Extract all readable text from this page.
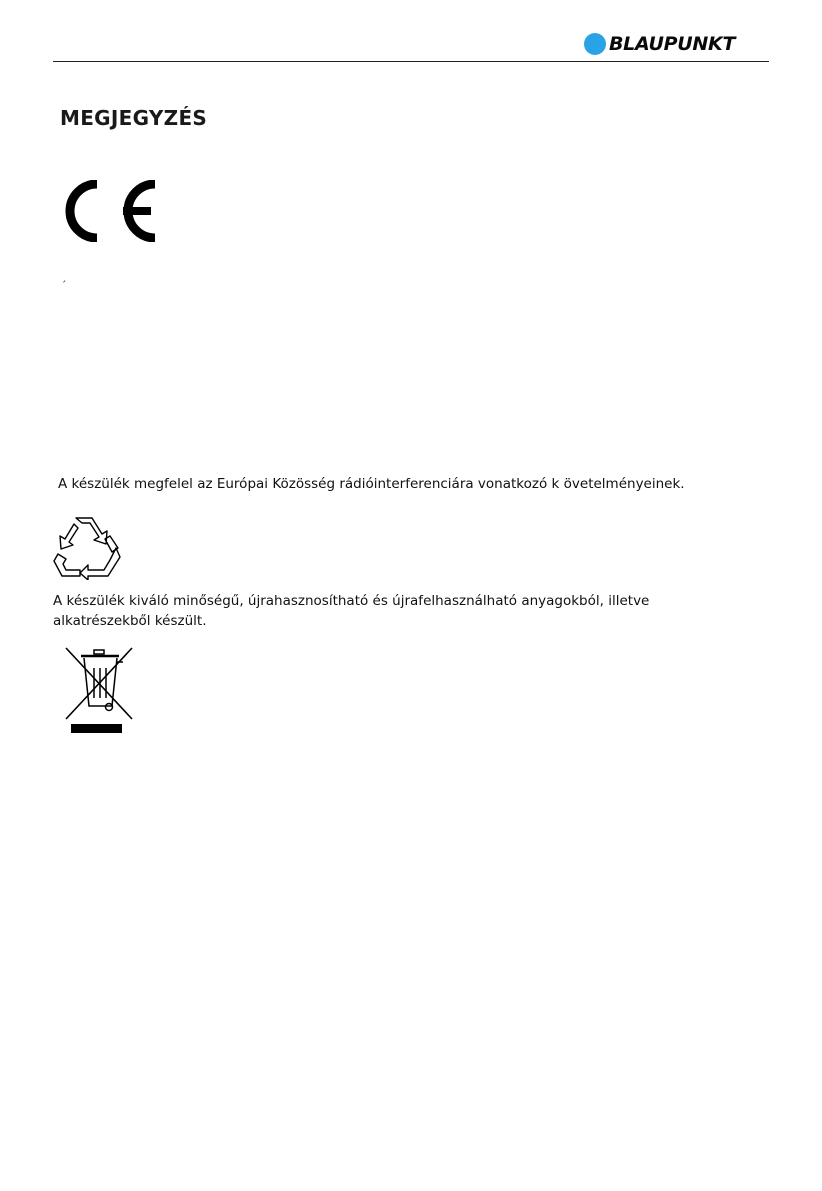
BLAUPUNKT
MEGJEGYZÉS
ˊ
A készülék megfelel az Európai Közösség rádióinterferenciára vonatkozó k övetelményeinek.
A készülék kiváló minőségű, újrahasznosítható és újrafelhasználható anyagokból, illetve
alkatrészekből készült.
